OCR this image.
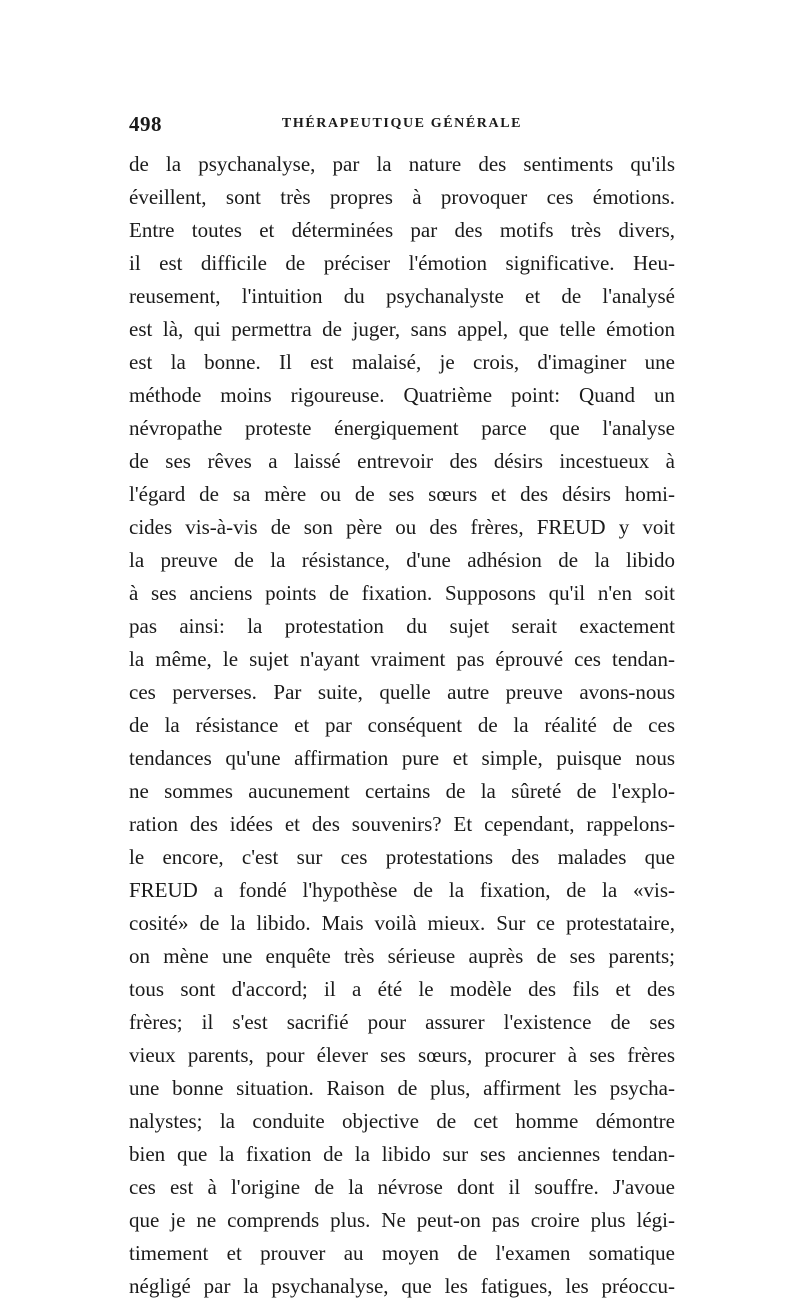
498	THÉRAPEUTIQUE GÉNÉRALE
de la psychanalyse, par la nature des sentiments qu'ils
éveillent, sont très propres à provoquer ces émotions.
Entre toutes et déterminées par des motifs très divers,
il est difficile de préciser l'émotion significative. Heu-
reusement, l'intuition du psychanalyste et de l'analysé
est là, qui permettra de juger, sans appel, que telle émotion
est la bonne. Il est malaisé, je crois, d'imaginer une
méthode moins rigoureuse. Quatrième point: Quand un
névropathe proteste énergiquement parce que l'analyse
de ses rêves a laissé entrevoir des désirs incestueux à
l'égard de sa mère ou de ses sœurs et des désirs homi-
cides vis-à-vis de son père ou des frères, FREUD y voit
la preuve de la résistance, d'une adhésion de la libido
à ses anciens points de fixation. Supposons qu'il n'en soit
pas ainsi: la protestation du sujet serait exactement
la même, le sujet n'ayant vraiment pas éprouvé ces tendan-
ces perverses. Par suite, quelle autre preuve avons-nous
de la résistance et par conséquent de la réalité de ces
tendances qu'une affirmation pure et simple, puisque nous
ne sommes aucunement certains de la sûreté de l'explo-
ration des idées et des souvenirs? Et cependant, rappelons-
le encore, c'est sur ces protestations des malades que
FREUD a fondé l'hypothèse de la fixation, de la «vis-
cosité» de la libido. Mais voilà mieux. Sur ce protestataire,
on mène une enquête très sérieuse auprès de ses parents;
tous sont d'accord; il a été le modèle des fils et des
frères; il s'est sacrifié pour assurer l'existence de ses
vieux parents, pour élever ses sœurs, procurer à ses frères
une bonne situation. Raison de plus, affirment les psycha-
nalystes; la conduite objective de cet homme démontre
bien que la fixation de la libido sur ses anciennes tendan-
ces est à l'origine de la névrose dont il souffre. J'avoue
que je ne comprends plus. Ne peut-on pas croire plus légi-
timement et prouver au moyen de l'examen somatique
négligé par la psychanalyse, que les fatigues, les préoccu-
